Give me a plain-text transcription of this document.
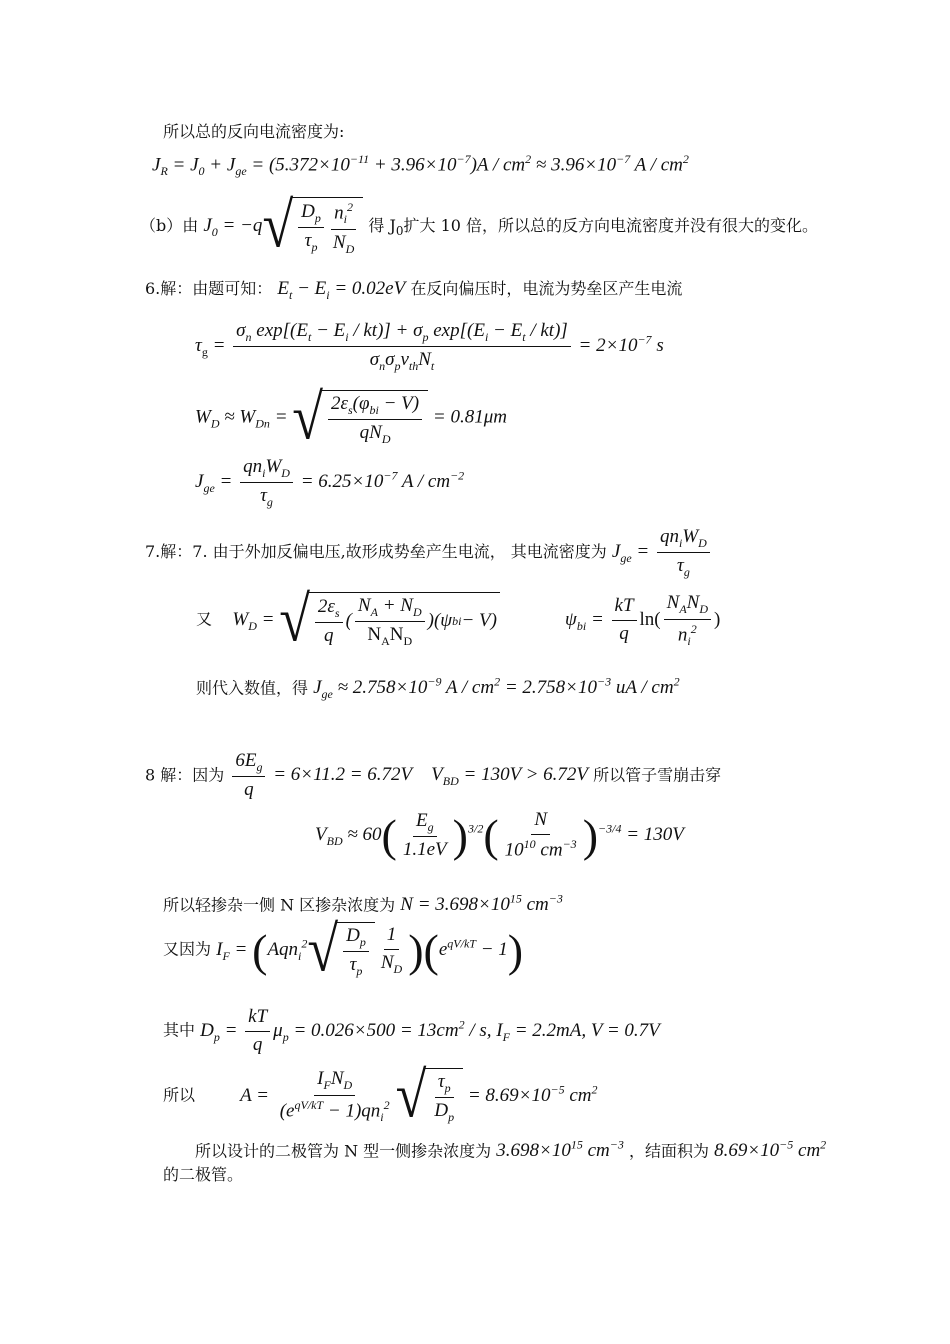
所以总的反向电流密度为:
$J_R = J_0 + J_{ge} = (5.372\times 10^{-11} + 3.96\times 10^{-7})A / cm^2 \approx 3.96\times 10^{-7}$ A / $cm^2$
（b）由 $J_0 = -q$ √ $D_p$
$\tau_p$
$n_i^2$
$N_D$
得 $J_0$扩大 10 倍，所以总的反方向电流密度并没有很大的变化。
6.解：由题可知： $E_t - E_i = 0.02eV$ 在反向偏压时，电流为势垒区产生电流
$\tau_g$ =
$\sigma_n$ $\exp[(E_t - E_i / kt)] + \sigma_p$ $\exp[(E_i - E_t / kt)]$
$\sigma_n\sigma_pv_{th}N_t$
= $2\times 10^{-7}$ s
$W_D \approx W_{Dn}$ = √ $2\varepsilon_s(\varphi_{bi} - V)$
$qN_D$
= 0.81μm
$J_{ge}$ =
$qn_iW_D$
$\tau_g$
= $6.25\times 10^{-7}$ A / $cm^{-2}$
7.解：7. 由于外加反偏电压,故形成势垒产生电流， 其电流密度为 $J_{ge}$ =
$qn_iW_D$
$\tau_g$
又 $W_D$ = √ $2\varepsilon_s$
q
(
$N_A + N_D$
$N_AN_D$
)(ψ bi − V)	$\psi_{bi} = \frac{kT}{q} \ln$(
$N_AN_D$
$n_i^2$ )
则代入数值，得 $J_{ge} \approx 2.758\times 10^{-9}$ $A / cm^2 = 2.758\times 10^{-3}$ uA / $cm^2$
8 解：因为 $\frac{6E_g}{q} = 6\times 11.2 = 6.72V$    $V_{BD} = 130V > 6.72V$ 所以管子雪崩击穿
$V_{BD} \approx 60( \frac{E_g}{1.1eV} )^{3/2}( \frac{N}{10^{10} cm^{-3}} )^{-3/4} = 130V$
所以轻掺杂一侧 N 区掺杂浓度为 $N = 3.698\times 10^{15}$ $cm^{-3}$
又因为 $I_F = (Aqn_i^2$ √ $D_p$
$\tau_p \frac{1}{N_D} )(e^{qV/kT} - 1)$
其中 $D_p = \frac{kT}{q} \mu_p = 0.026\times 500 = 13cm^2 / s$, $I_F = 2.2mA$, V = 0.7V
所以 A =
$I_FN_D$
$(e^{qV/kT} - 1)qn_i^2$ √ $\tau_p$
$D_p$
= $8.69\times 10^{-5}$ $cm^2$
所以设计的二极管为 N 型一侧掺杂浓度为 $3.698\times 10^{15}$ $cm^{-3}$ ，结面积为 $8.69\times 10^{-5}$ $cm^2$
的二极管。
